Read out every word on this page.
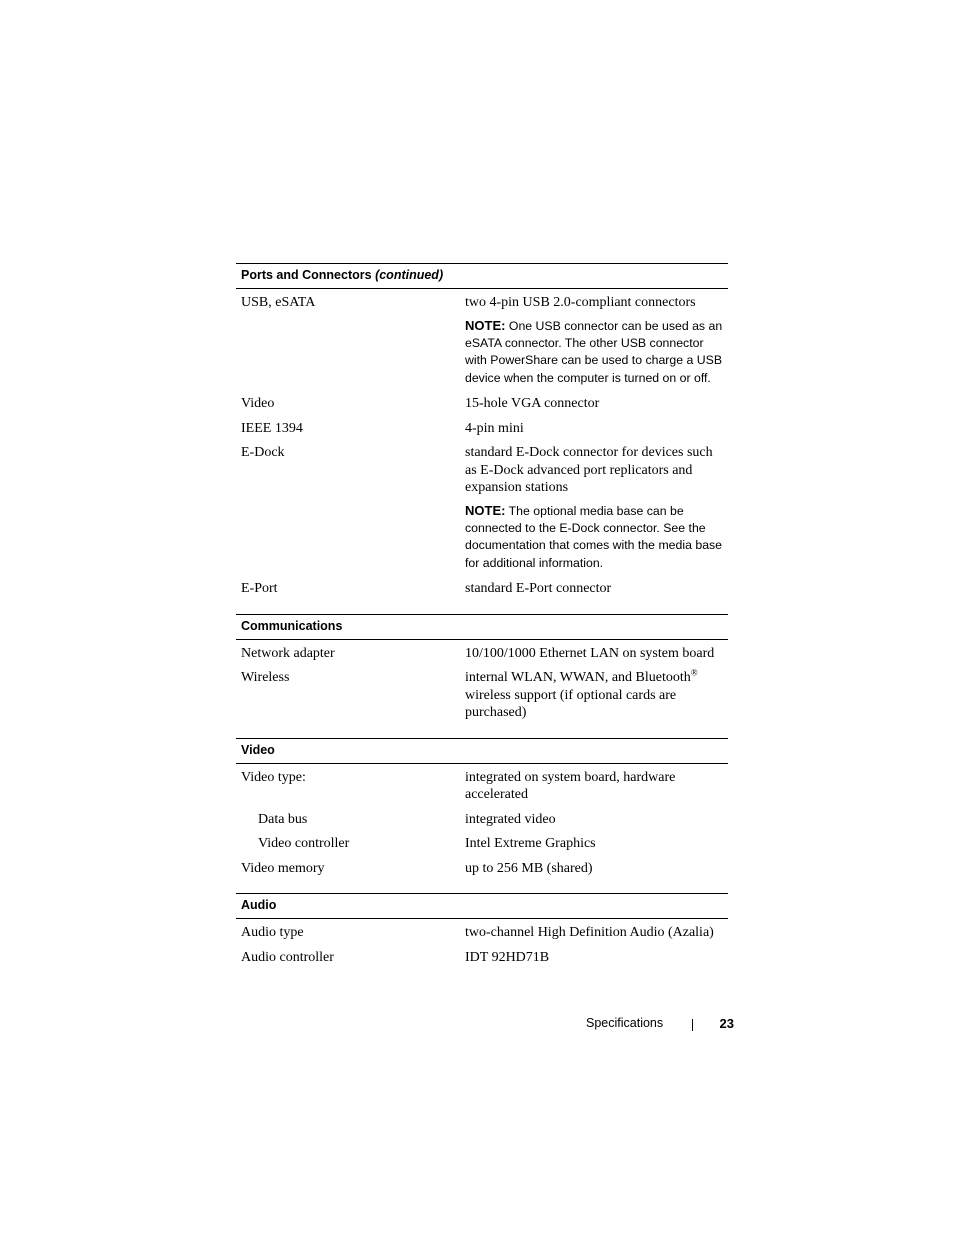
Ports and Connectors (continued)
USB, eSATA	two 4-pin USB 2.0-compliant connectors
NOTE: One USB connector can be used as an eSATA connector. The other USB connector with PowerShare can be used to charge a USB device when the computer is turned on or off.
Video	15-hole VGA connector
IEEE 1394	4-pin mini
E-Dock	standard E-Dock connector for devices such as E-Dock advanced port replicators and expansion stations
NOTE: The optional media base can be connected to the E-Dock connector. See the documentation that comes with the media base for additional information.
E-Port	standard E-Port connector
Communications
Network adapter	10/100/1000 Ethernet LAN on system board
Wireless	internal WLAN, WWAN, and Bluetooth® wireless support (if optional cards are purchased)
Video
Video type:	integrated on system board, hardware accelerated
Data bus	integrated video
Video controller	Intel Extreme Graphics
Video memory	up to 256 MB (shared)
Audio
Audio type	two-channel High Definition Audio (Azalia)
Audio controller	IDT 92HD71B
Specifications	23
